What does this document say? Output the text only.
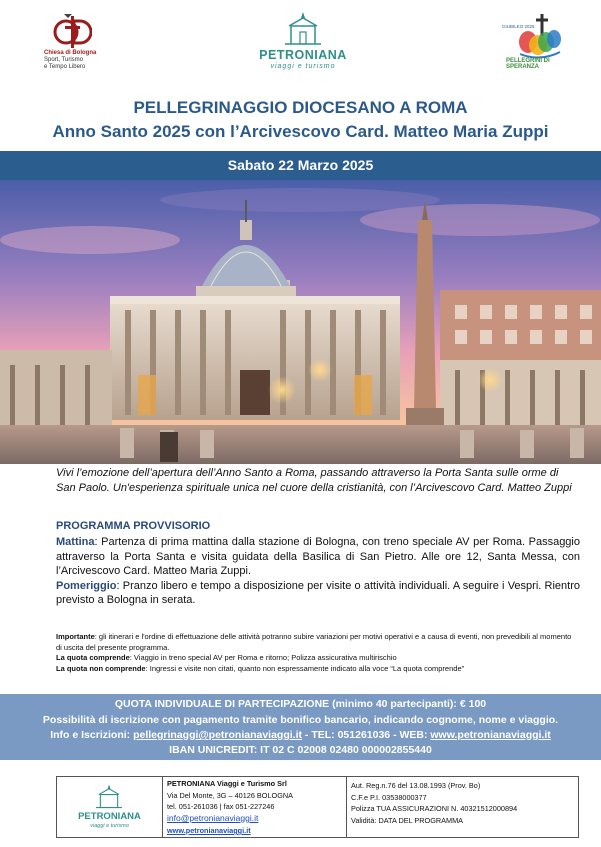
Chiesa di Bologna
Sport, Turismo
e Tempo Libero
PETRONIANA
viaggi e turismo
GIUBILEO 2025
PELLEGRINI DI SPERANZA
PELLEGRINAGGIO DIOCESANO A ROMA
Anno Santo 2025 con l’Arcivescovo Card. Matteo Maria Zuppi
Sabato 22 Marzo 2025
Vivi l’emozione dell’apertura dell’Anno Santo a Roma, passando attraverso la Porta Santa sulle orme di San Paolo. Un'esperienza spirituale unica nel cuore della cristianità, con l’Arcivescovo Card. Matteo Zuppi
PROGRAMMA PROVVISORIO
Mattina: Partenza di prima mattina dalla stazione di Bologna, con treno speciale AV per Roma. Passaggio attraverso la Porta Santa e visita guidata della Basilica di San Pietro. Alle ore 12, Santa Messa, con l’Arcivescovo Card. Matteo Maria Zuppi.
Pomeriggio: Pranzo libero e tempo a disposizione per visite o attività individuali. A seguire i Vespri. Rientro previsto a Bologna in serata.
Importante: gli itinerari e l'ordine di effettuazione delle attività potranno subire variazioni per motivi operativi e a causa di eventi, non prevedibili al momento di uscita del presente programma.
La quota comprende: Viaggio in treno special AV per Roma e ritorno; Polizza assicurativa multirischio
La quota non comprende: Ingressi e visite non citati, quanto non espressamente indicato alla voce “La quota comprende”
QUOTA INDIVIDUALE DI PARTECIPAZIONE (minimo 40 partecipanti): € 100
Possibilità di iscrizione con pagamento tramite bonifico bancario, indicando cognome, nome e viaggio.
Info e Iscrizioni: pellegrinaggi@petronianaviaggi.it - TEL: 051261036 - WEB: www.petronianaviaggi.it
IBAN UNICREDIT: IT 02 C 02008 02480 000002855440
PETRONIANA
viaggi e turismo
PETRONIANA Viaggi e Turismo Srl
Via Del Monte, 3G – 40126 BOLOGNA
tel. 051-261036 | fax 051-227246
info@petronianaviaggi.it
www.petronianaviaggi.it
Aut. Reg.n.76 del 13.08.1993 (Prov. Bo)
C.F.e P.I. 03538000377
Polizza TUA ASSICURAZIONI N. 40321512000894
Validità: DATA DEL PROGRAMMA
